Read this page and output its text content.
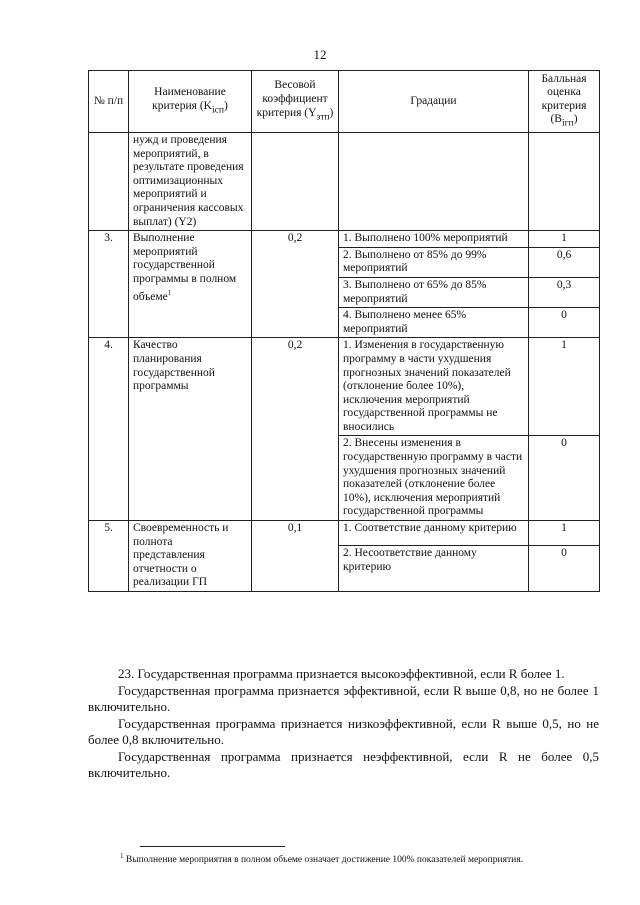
12
№ п/п	Наименование критерия $(K_{iсп})$	Весовой коэффициент критерия $(Y_{зтп})$	Градации	Балльная оценка критерия $(B_{iгп})$
	нужд и проведения мероприятий, в результате проведения оптимизационных мероприятий и ограничения кассовых выплат) (Y2)			
3.	Выполнение мероприятий государственной программы в полном объеме$^1$	0,2	1. Выполнено 100% мероприятий	1
			2. Выполнено от 85% до 99% мероприятий	0,6
			3. Выполнено от 65% до 85% мероприятий	0,3
			4. Выполнено менее 65% мероприятий	0
4.	Качество планирования государственной программы	0,2	1. Изменения в государственную программу в части ухудшения прогнозных значений показателей (отклонение более 10%), исключения мероприятий государственной программы не вносились	1
			2. Внесены изменения в государственную программу в части ухудшения прогнозных значений показателей (отклонение более 10%), исключения мероприятий государственной программы	0
5.	Своевременность и полнота представления отчетности о реализации ГП	0,1	1. Соответствие данному критерию	1
			2. Несоответствие данному критерию	0

23. Государственная программа признается высокоэффективной, если R более 1.

Государственная программа признается эффективной, если R выше 0,8, но не более 1 включительно.

Государственная программа признается низкоэффективной, если R выше 0,5, но не более 0,8 включительно.

Государственная программа признается неэффективной, если R не более 0,5 включительно.

$^1$ Выполнение мероприятия в полном объеме означает достижение 100% показателей мероприятия.
